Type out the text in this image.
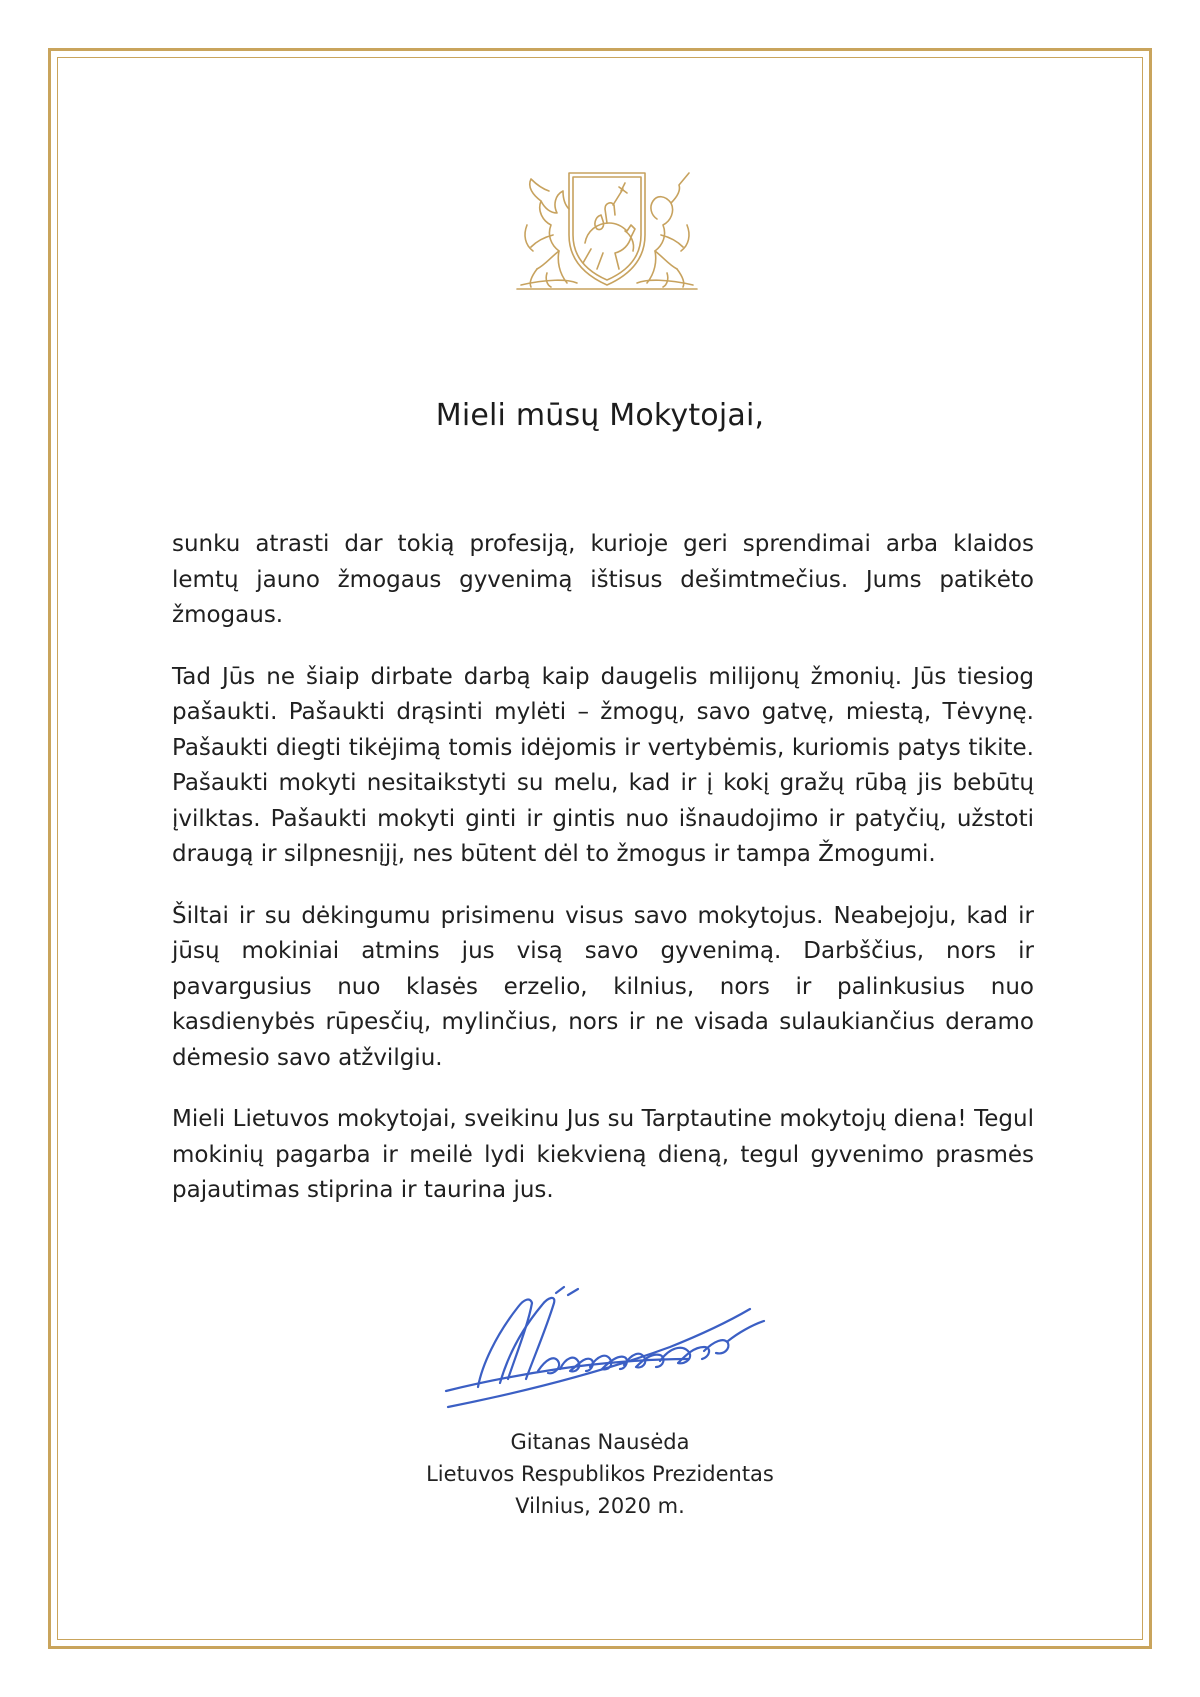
Mieli mūsų Mokytojai,

sunku atrasti dar tokią profesiją, kurioje geri sprendimai arba klaidos lemtų jauno žmogaus gyvenimą ištisus dešimtmečius. Jums patikėto žmogaus.

Tad Jūs ne šiaip dirbate darbą kaip daugelis milijonų žmonių. Jūs tiesiog pašaukti. Pašaukti drąsinti mylėti – žmogų, savo gatvę, miestą, Tėvynę. Pašaukti diegti tikėjimą tomis idėjomis ir vertybėmis, kuriomis patys tikite. Pašaukti mokyti nesitaikstyti su melu, kad ir į kokį gražų rūbą jis bebūtų įvilktas. Pašaukti mokyti ginti ir gintis nuo išnaudojimo ir patyčių, užstoti draugą ir silpnesnįjį, nes būtent dėl to žmogus ir tampa Žmogumi.

Šiltai ir su dėkingumu prisimenu visus savo mokytojus. Neabejoju, kad ir jūsų mokiniai atmins jus visą savo gyvenimą. Darbščius, nors ir pavargusius nuo klasės erzelio, kilnius, nors ir palinkusius nuo kasdienybės rūpesčių, mylinčius, nors ir ne visada sulaukiančius deramo dėmesio savo atžvilgiu.

Mieli Lietuvos mokytojai, sveikinu Jus su Tarptautine mokytojų diena! Tegul mokinių pagarba ir meilė lydi kiekvieną dieną, tegul gyvenimo prasmės pajautimas stiprina ir taurina jus.

Gitanas Nausėda
Lietuvos Respublikos Prezidentas
Vilnius, 2020 m.
